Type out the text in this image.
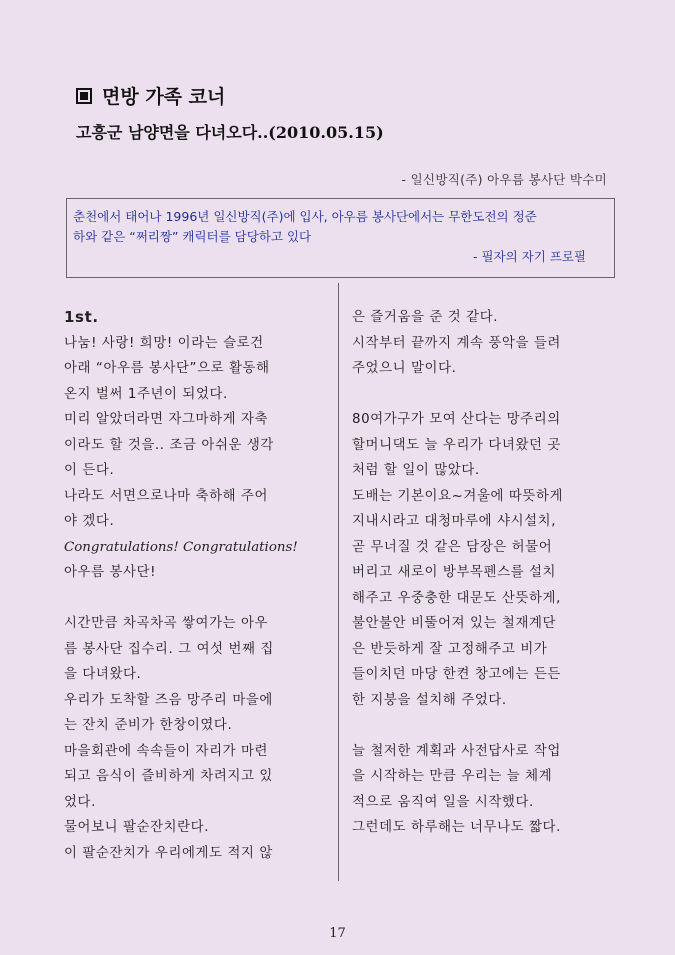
면방 가족 코너
고흥군 남양면을 다녀오다..(2010.05.15)
- 일신방직(주) 아우름 봉사단 박수미
춘천에서 태어나 1996년 일신방직(주)에 입사, 아우름 봉사단에서는 무한도전의 정준
하와 같은 “쩌리짱” 캐릭터를 담당하고 있다
- 필자의 자기 프로필

1st.

나눔! 사랑! 희망! 이라는 슬로건

아래 “아우름 봉사단”으로 활동해

온지 벌써 1주년이 되었다.

미리 알았더라면 자그마하게 자축

이라도 할 것을.. 조금 아쉬운 생각

이 든다.

나라도 서면으로나마 축하해 주어

야 겠다.

Congratulations! Congratulations!

아우름 봉사단!

시간만큼 차곡차곡 쌓여가는 아우

름 봉사단 집수리. 그 여섯 번째 집

을 다녀왔다.

우리가 도착할 즈음 망주리 마을에

는 잔치 준비가 한창이였다.

마을회관에 속속들이 자리가 마련

되고 음식이 즐비하게 차려지고 있

었다.

물어보니 팔순잔치란다.

이 팔순잔치가 우리에게도 적지 않

은 즐거움을 준 것 같다.

시작부터 끝까지 계속 풍악을 들려

주었으니 말이다.

80여가구가 모여 산다는 망주리의

할머니댁도 늘 우리가 다녀왔던 곳

처럼 할 일이 많았다.

도배는 기본이요~겨울에 따뜻하게

지내시라고 대청마루에 샤시설치,

곧 무너질 것 같은 담장은 허물어

버리고 새로이 방부목펜스를 설치

해주고 우중충한 대문도 산뜻하게,

불안불안 비뚤어져 있는 철재계단

은 반듯하게 잘 고정해주고 비가

들이치던 마당 한켠 창고에는 든든

한 지붕을 설치해 주었다.

늘 철저한 계획과 사전답사로 작업

을 시작하는 만큼 우리는 늘 체계

적으로 움직여 일을 시작했다.

그런데도 하루해는 너무나도 짧다.

17
